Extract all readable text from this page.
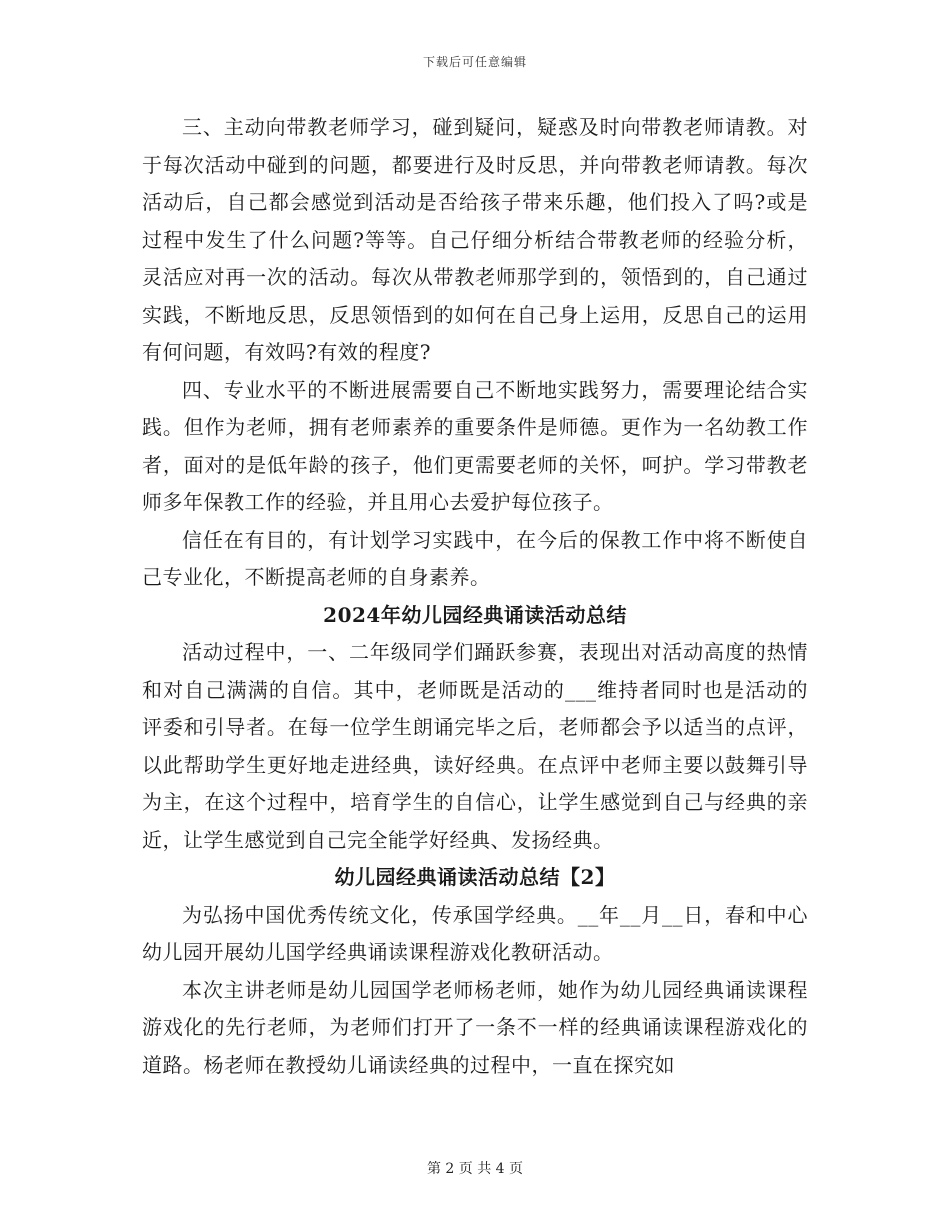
下载后可任意编辑

三、主动向带教老师学习，碰到疑问，疑惑及时向带教老师请教。对于每次活动中碰到的问题，都要进行及时反思，并向带教老师请教。每次活动后，自己都会感觉到活动是否给孩子带来乐趣，他们投入了吗?或是过程中发生了什么问题?等等。自己仔细分析结合带教老师的经验分析，灵活应对再一次的活动。每次从带教老师那学到的，领悟到的，自己通过实践，不断地反思，反思领悟到的如何在自己身上运用，反思自己的运用有何问题，有效吗?有效的程度?

四、专业水平的不断进展需要自己不断地实践努力，需要理论结合实践。但作为老师，拥有老师素养的重要条件是师德。更作为一名幼教工作者，面对的是低年龄的孩子，他们更需要老师的关怀，呵护。学习带教老师多年保教工作的经验，并且用心去爱护每位孩子。

信任在有目的，有计划学习实践中，在今后的保教工作中将不断使自己专业化，不断提高老师的自身素养。

2024年幼儿园经典诵读活动总结

活动过程中，一、二年级同学们踊跃参赛，表现出对活动高度的热情和对自己满满的自信。其中，老师既是活动的___维持者同时也是活动的评委和引导者。在每一位学生朗诵完毕之后，老师都会予以适当的点评，以此帮助学生更好地走进经典，读好经典。在点评中老师主要以鼓舞引导为主，在这个过程中，培育学生的自信心，让学生感觉到自己与经典的亲近，让学生感觉到自己完全能学好经典、发扬经典。

幼儿园经典诵读活动总结【2】

为弘扬中国优秀传统文化，传承国学经典。__年__月__日，春和中心幼儿园开展幼儿国学经典诵读课程游戏化教研活动。

本次主讲老师是幼儿园国学老师杨老师，她作为幼儿园经典诵读课程游戏化的先行老师，为老师们打开了一条不一样的经典诵读课程游戏化的道路。杨老师在教授幼儿诵读经典的过程中，一直在探究如

第 2 页 共 4 页
